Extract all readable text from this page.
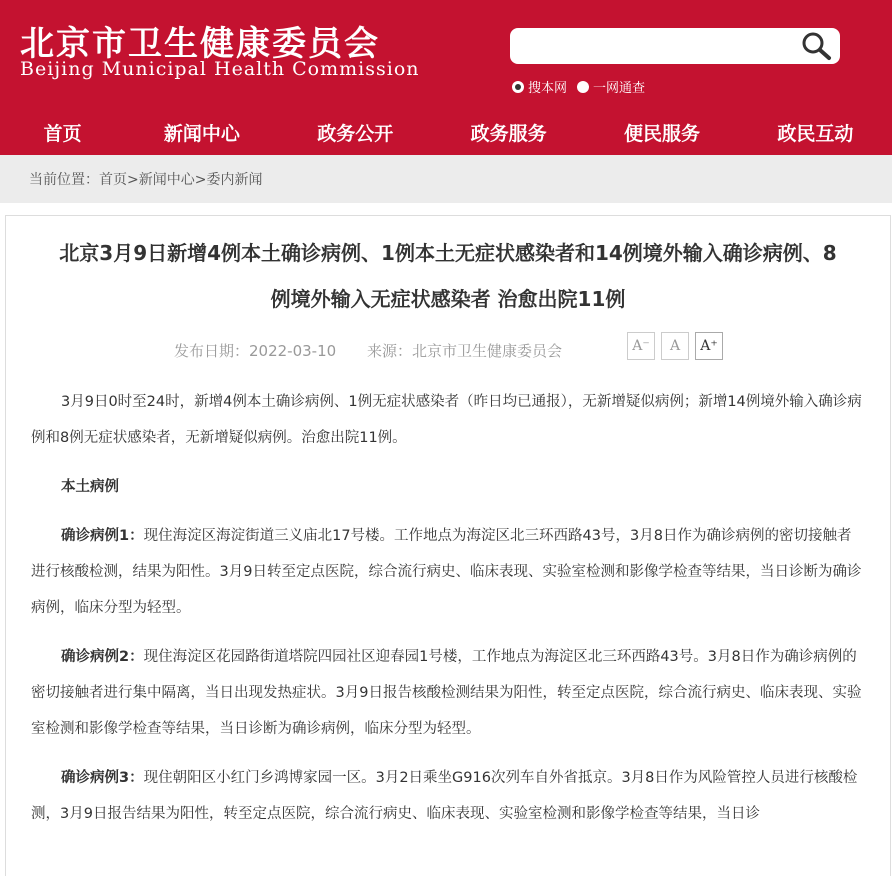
北京市卫生健康委员会
Beijing Municipal Health Commission
搜本网 一网通查
首页	新闻中心	政务公开	政务服务	便民服务	政民互动
当前位置：首页>新闻中心>委内新闻
北京3月9日新增4例本土确诊病例、1例本土无症状感染者和14例境外输入确诊病例、8
例境外输入无症状感染者 治愈出院11例
发布日期：2022-03-10 来源：北京市卫生健康委员会	A⁻	A	A⁺

3月9日0时至24时，新增4例本土确诊病例、1例无症状感染者（昨日均已通报），无新增疑似病例；新增14例境外输入确诊病例和8例无症状感染者，无新增疑似病例。治愈出院11例。

本土病例

确诊病例1：现住海淀区海淀街道三义庙北17号楼。工作地点为海淀区北三环西路43号，3月8日作为确诊病例的密切接触者进行核酸检测，结果为阳性。3月9日转至定点医院，综合流行病史、临床表现、实验室检测和影像学检查等结果，当日诊断为确诊病例，临床分型为轻型。

确诊病例2：现住海淀区花园路街道塔院四园社区迎春园1号楼，工作地点为海淀区北三环西路43号。3月8日作为确诊病例的密切接触者进行集中隔离，当日出现发热症状。3月9日报告核酸检测结果为阳性，转至定点医院，综合流行病史、临床表现、实验室检测和影像学检查等结果，当日诊断为确诊病例，临床分型为轻型。

确诊病例3：现住朝阳区小红门乡鸿博家园一区。3月2日乘坐G916次列车自外省抵京。3月8日作为风险管控人员进行核酸检测，3月9日报告结果为阳性，转至定点医院，综合流行病史、临床表现、实验室检测和影像学检查等结果，当日诊
